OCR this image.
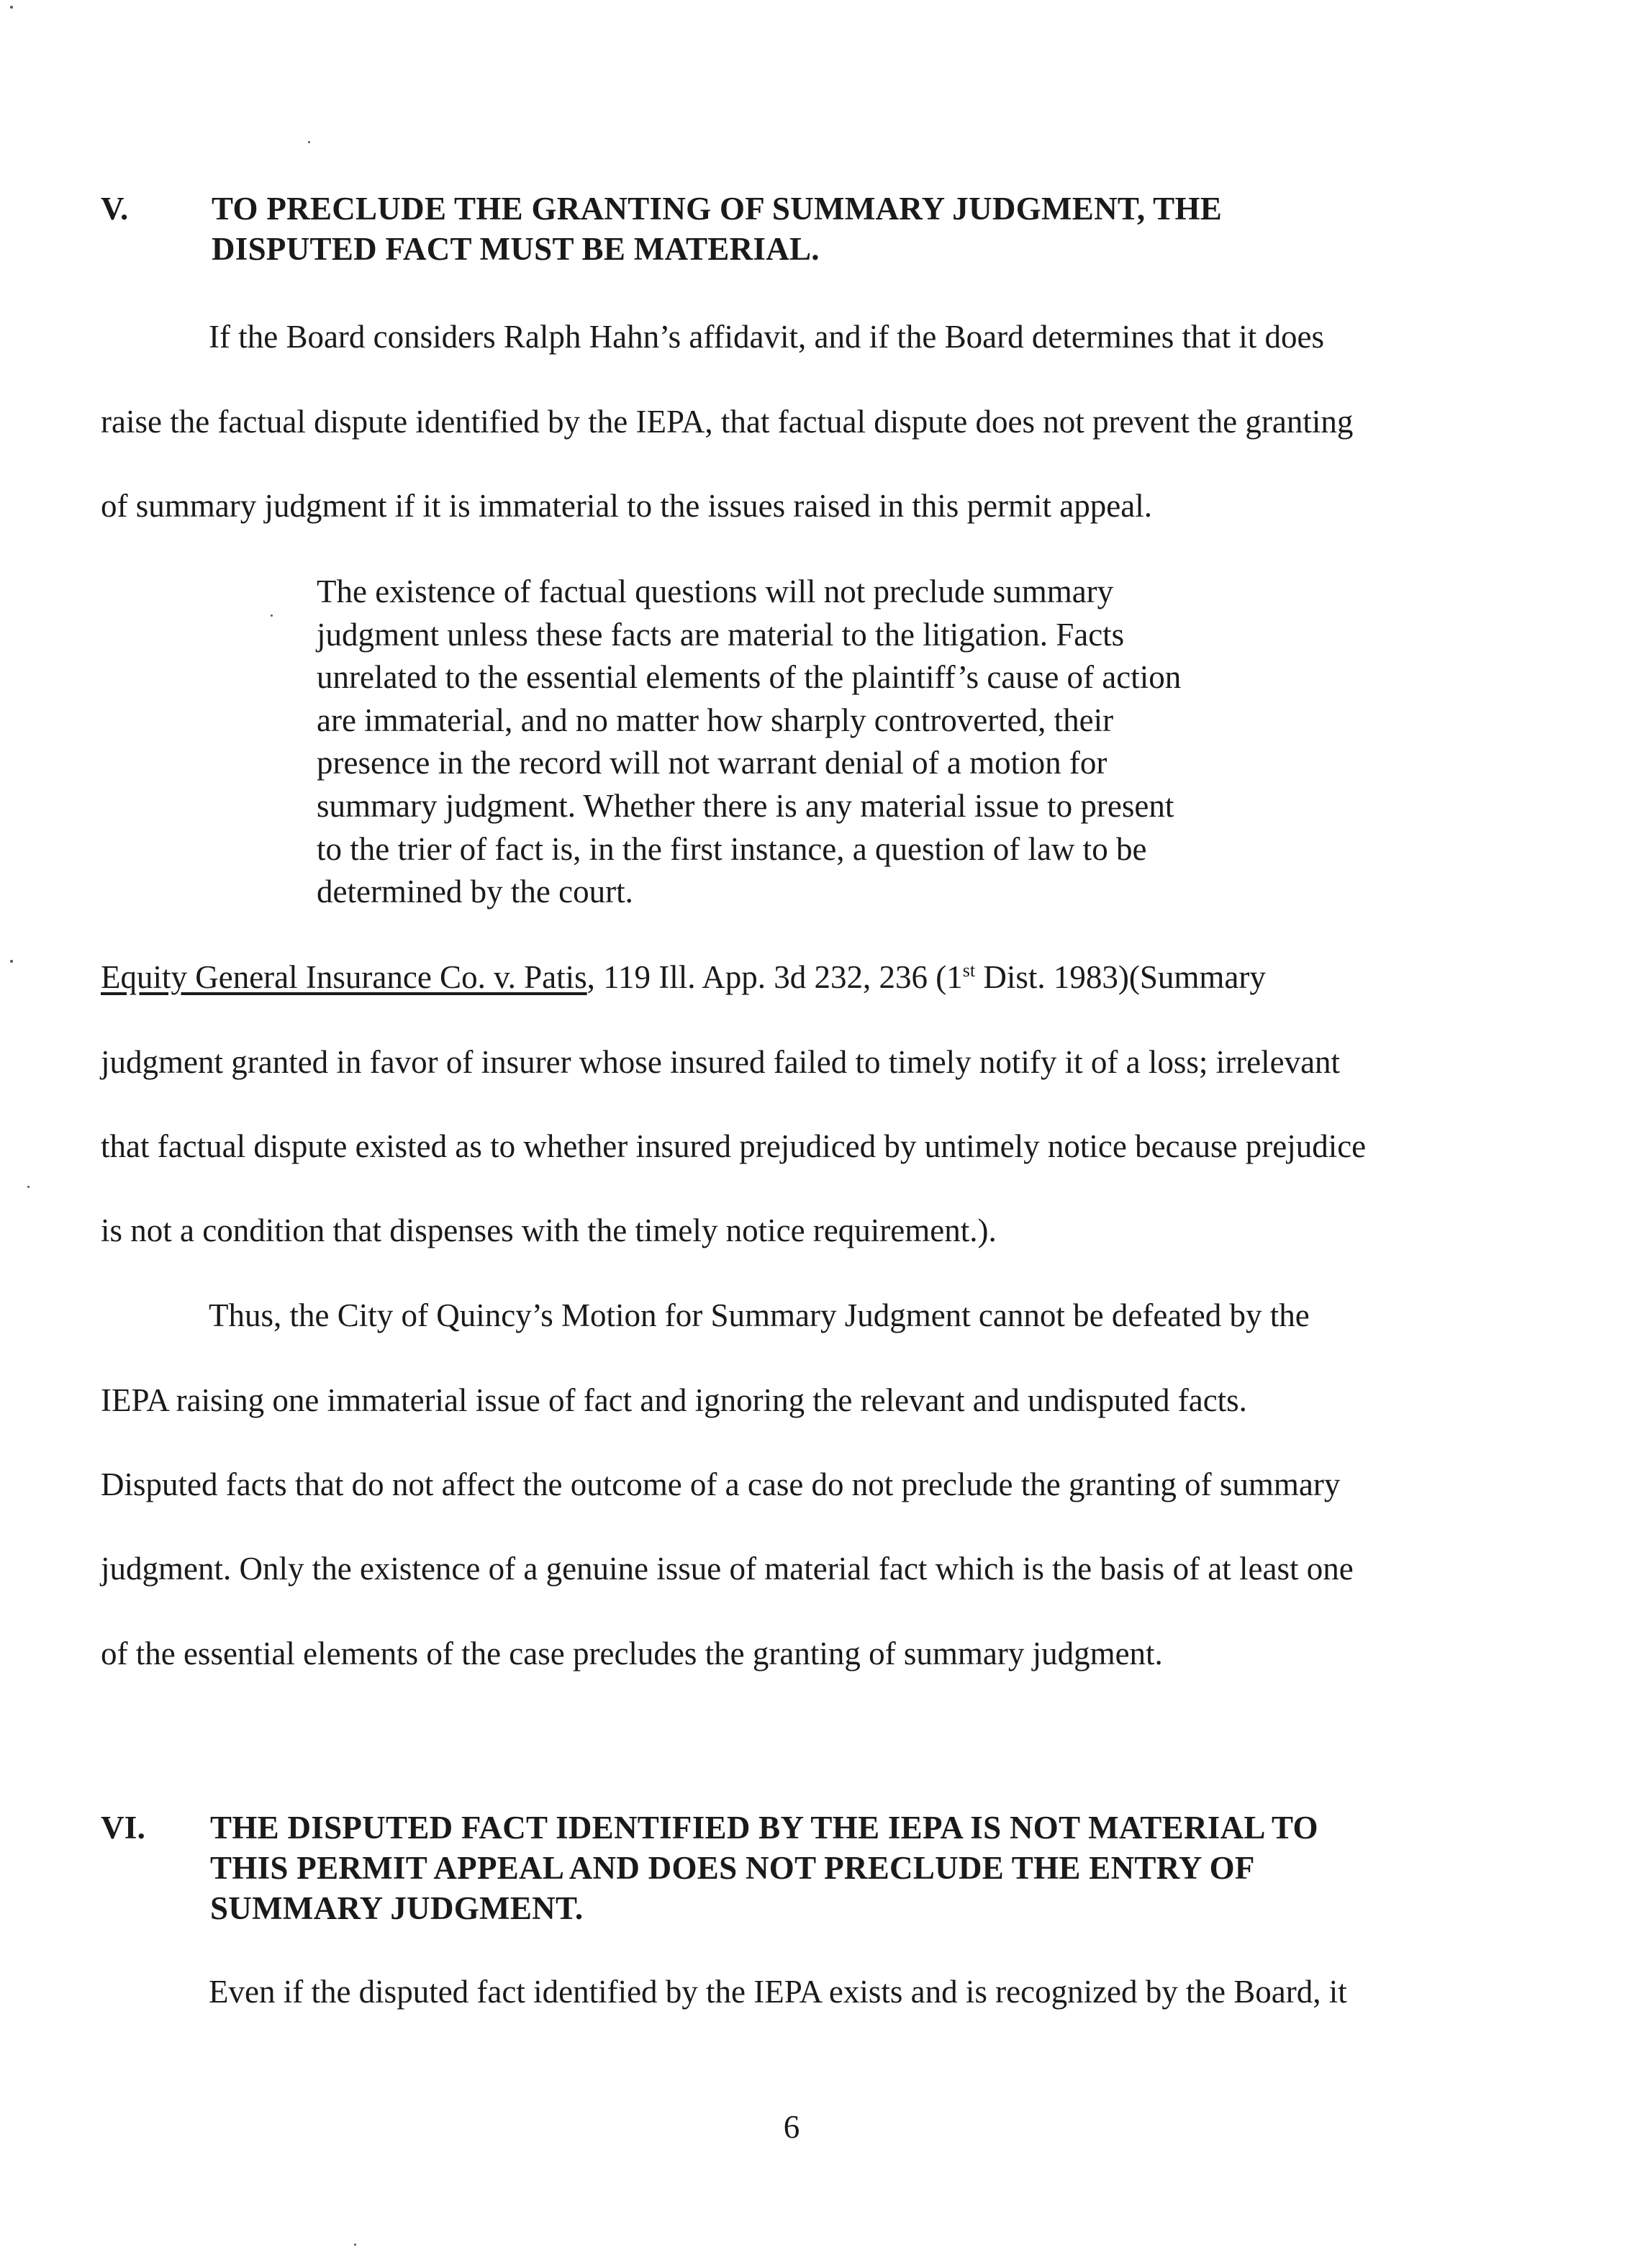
V.	TO PRECLUDE THE GRANTING OF SUMMARY JUDGMENT, THE
DISPUTED FACT MUST BE MATERIAL.
If the Board considers Ralph Hahn’s affidavit, and if the Board determines that it does
raise the factual dispute identified by the IEPA, that factual dispute does not prevent the granting
of summary judgment if it is immaterial to the issues raised in this permit appeal.
The existence of factual questions will not preclude summary
judgment unless these facts are material to the litigation. Facts
unrelated to the essential elements of the plaintiff’s cause of action
are immaterial, and no matter how sharply controverted, their
presence in the record will not warrant denial of a motion for
summary judgment. Whether there is any material issue to present
to the trier of fact is, in the first instance, a question of law to be
determined by the court.
Equity General Insurance Co. v. Patis, 119 Ill. App. 3d 232, 236 (1st Dist. 1983)(Summary
judgment granted in favor of insurer whose insured failed to timely notify it of a loss; irrelevant
that factual dispute existed as to whether insured prejudiced by untimely notice because prejudice
is not a condition that dispenses with the timely notice requirement.).
Thus, the City of Quincy’s Motion for Summary Judgment cannot be defeated by the
IEPA raising one immaterial issue of fact and ignoring the relevant and undisputed facts.
Disputed facts that do not affect the outcome of a case do not preclude the granting of summary
judgment. Only the existence of a genuine issue of material fact which is the basis of at least one
of the essential elements of the case precludes the granting of summary judgment.
VI. THE DISPUTED FACT IDENTIFIED BY THE IEPA IS NOT MATERIAL TO
THIS PERMIT APPEAL AND DOES NOT PRECLUDE THE ENTRY OF
SUMMARY JUDGMENT.
Even if the disputed fact identified by the IEPA exists and is recognized by the Board, it
6
